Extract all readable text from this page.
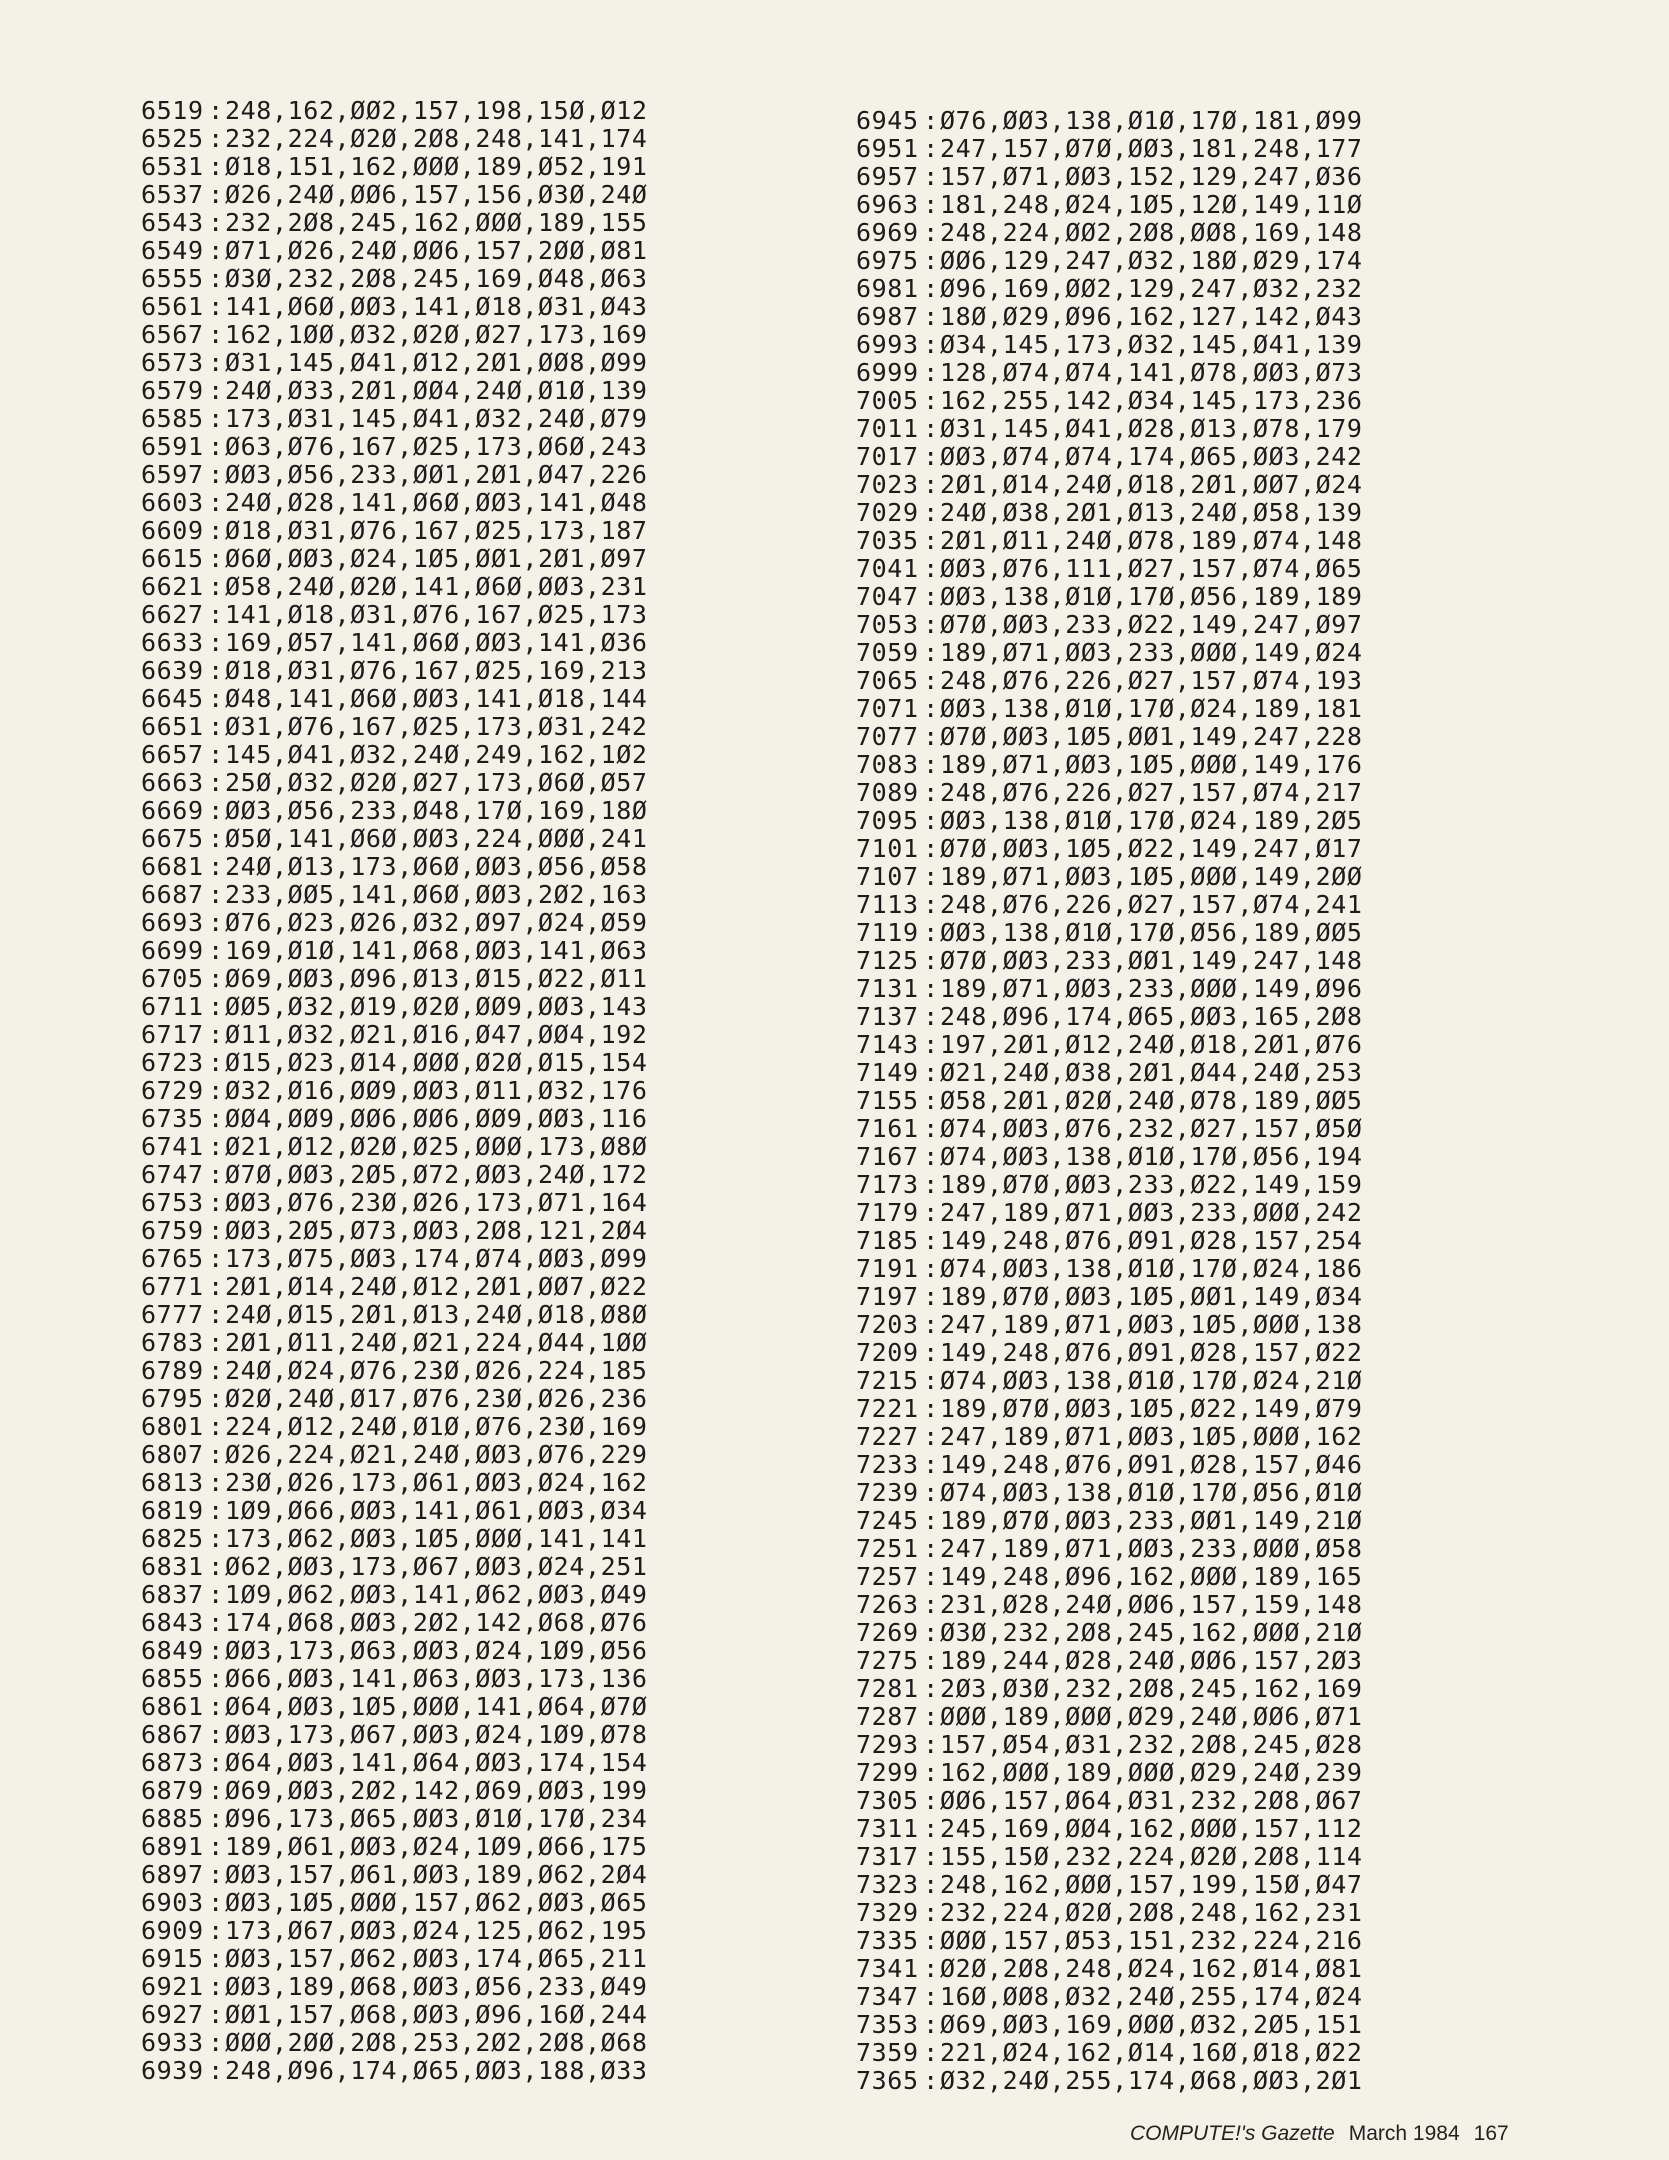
6519 :248,162,ØØ2,157,198,15Ø,Ø12
6525 :232,224,Ø2Ø,2Ø8,248,141,174
6531 :Ø18,151,162,ØØØ,189,Ø52,191
6537 :Ø26,24Ø,ØØ6,157,156,Ø3Ø,24Ø
6543 :232,2Ø8,245,162,ØØØ,189,155
6549 :Ø71,Ø26,24Ø,ØØ6,157,2ØØ,Ø81
6555 :Ø3Ø,232,2Ø8,245,169,Ø48,Ø63
6561 :141,Ø6Ø,ØØ3,141,Ø18,Ø31,Ø43
6567 :162,1ØØ,Ø32,Ø2Ø,Ø27,173,169
6573 :Ø31,145,Ø41,Ø12,2Ø1,ØØ8,Ø99
6579 :24Ø,Ø33,2Ø1,ØØ4,24Ø,Ø1Ø,139
6585 :173,Ø31,145,Ø41,Ø32,24Ø,Ø79
6591 :Ø63,Ø76,167,Ø25,173,Ø6Ø,243
6597 :ØØ3,Ø56,233,ØØ1,2Ø1,Ø47,226
6603 :24Ø,Ø28,141,Ø6Ø,ØØ3,141,Ø48
6609 :Ø18,Ø31,Ø76,167,Ø25,173,187
6615 :Ø6Ø,ØØ3,Ø24,1Ø5,ØØ1,2Ø1,Ø97
6621 :Ø58,24Ø,Ø2Ø,141,Ø6Ø,ØØ3,231
6627 :141,Ø18,Ø31,Ø76,167,Ø25,173
6633 :169,Ø57,141,Ø6Ø,ØØ3,141,Ø36
6639 :Ø18,Ø31,Ø76,167,Ø25,169,213
6645 :Ø48,141,Ø6Ø,ØØ3,141,Ø18,144
6651 :Ø31,Ø76,167,Ø25,173,Ø31,242
6657 :145,Ø41,Ø32,24Ø,249,162,1Ø2
6663 :25Ø,Ø32,Ø2Ø,Ø27,173,Ø6Ø,Ø57
6669 :ØØ3,Ø56,233,Ø48,17Ø,169,18Ø
6675 :Ø5Ø,141,Ø6Ø,ØØ3,224,ØØØ,241
6681 :24Ø,Ø13,173,Ø6Ø,ØØ3,Ø56,Ø58
6687 :233,ØØ5,141,Ø6Ø,ØØ3,2Ø2,163
6693 :Ø76,Ø23,Ø26,Ø32,Ø97,Ø24,Ø59
6699 :169,Ø1Ø,141,Ø68,ØØ3,141,Ø63
6705 :Ø69,ØØ3,Ø96,Ø13,Ø15,Ø22,Ø11
6711 :ØØ5,Ø32,Ø19,Ø2Ø,ØØ9,ØØ3,143
6717 :Ø11,Ø32,Ø21,Ø16,Ø47,ØØ4,192
6723 :Ø15,Ø23,Ø14,ØØØ,Ø2Ø,Ø15,154
6729 :Ø32,Ø16,ØØ9,ØØ3,Ø11,Ø32,176
6735 :ØØ4,ØØ9,ØØ6,ØØ6,ØØ9,ØØ3,116
6741 :Ø21,Ø12,Ø2Ø,Ø25,ØØØ,173,Ø8Ø
6747 :Ø7Ø,ØØ3,2Ø5,Ø72,ØØ3,24Ø,172
6753 :ØØ3,Ø76,23Ø,Ø26,173,Ø71,164
6759 :ØØ3,2Ø5,Ø73,ØØ3,2Ø8,121,2Ø4
6765 :173,Ø75,ØØ3,174,Ø74,ØØ3,Ø99
6771 :2Ø1,Ø14,24Ø,Ø12,2Ø1,ØØ7,Ø22
6777 :24Ø,Ø15,2Ø1,Ø13,24Ø,Ø18,Ø8Ø
6783 :2Ø1,Ø11,24Ø,Ø21,224,Ø44,1ØØ
6789 :24Ø,Ø24,Ø76,23Ø,Ø26,224,185
6795 :Ø2Ø,24Ø,Ø17,Ø76,23Ø,Ø26,236
6801 :224,Ø12,24Ø,Ø1Ø,Ø76,23Ø,169
6807 :Ø26,224,Ø21,24Ø,ØØ3,Ø76,229
6813 :23Ø,Ø26,173,Ø61,ØØ3,Ø24,162
6819 :1Ø9,Ø66,ØØ3,141,Ø61,ØØ3,Ø34
6825 :173,Ø62,ØØ3,1Ø5,ØØØ,141,141
6831 :Ø62,ØØ3,173,Ø67,ØØ3,Ø24,251
6837 :1Ø9,Ø62,ØØ3,141,Ø62,ØØ3,Ø49
6843 :174,Ø68,ØØ3,2Ø2,142,Ø68,Ø76
6849 :ØØ3,173,Ø63,ØØ3,Ø24,1Ø9,Ø56
6855 :Ø66,ØØ3,141,Ø63,ØØ3,173,136
6861 :Ø64,ØØ3,1Ø5,ØØØ,141,Ø64,Ø7Ø
6867 :ØØ3,173,Ø67,ØØ3,Ø24,1Ø9,Ø78
6873 :Ø64,ØØ3,141,Ø64,ØØ3,174,154
6879 :Ø69,ØØ3,2Ø2,142,Ø69,ØØ3,199
6885 :Ø96,173,Ø65,ØØ3,Ø1Ø,17Ø,234
6891 :189,Ø61,ØØ3,Ø24,1Ø9,Ø66,175
6897 :ØØ3,157,Ø61,ØØ3,189,Ø62,2Ø4
6903 :ØØ3,1Ø5,ØØØ,157,Ø62,ØØ3,Ø65
6909 :173,Ø67,ØØ3,Ø24,125,Ø62,195
6915 :ØØ3,157,Ø62,ØØ3,174,Ø65,211
6921 :ØØ3,189,Ø68,ØØ3,Ø56,233,Ø49
6927 :ØØ1,157,Ø68,ØØ3,Ø96,16Ø,244
6933 :ØØØ,2ØØ,2Ø8,253,2Ø2,2Ø8,Ø68
6939 :248,Ø96,174,Ø65,ØØ3,188,Ø33
6945 :Ø76,ØØ3,138,Ø1Ø,17Ø,181,Ø99
6951 :247,157,Ø7Ø,ØØ3,181,248,177
6957 :157,Ø71,ØØ3,152,129,247,Ø36
6963 :181,248,Ø24,1Ø5,12Ø,149,11Ø
6969 :248,224,ØØ2,2Ø8,ØØ8,169,148
6975 :ØØ6,129,247,Ø32,18Ø,Ø29,174
6981 :Ø96,169,ØØ2,129,247,Ø32,232
6987 :18Ø,Ø29,Ø96,162,127,142,Ø43
6993 :Ø34,145,173,Ø32,145,Ø41,139
6999 :128,Ø74,Ø74,141,Ø78,ØØ3,Ø73
7005 :162,255,142,Ø34,145,173,236
7011 :Ø31,145,Ø41,Ø28,Ø13,Ø78,179
7017 :ØØ3,Ø74,Ø74,174,Ø65,ØØ3,242
7023 :2Ø1,Ø14,24Ø,Ø18,2Ø1,ØØ7,Ø24
7029 :24Ø,Ø38,2Ø1,Ø13,24Ø,Ø58,139
7035 :2Ø1,Ø11,24Ø,Ø78,189,Ø74,148
7041 :ØØ3,Ø76,111,Ø27,157,Ø74,Ø65
7047 :ØØ3,138,Ø1Ø,17Ø,Ø56,189,189
7053 :Ø7Ø,ØØ3,233,Ø22,149,247,Ø97
7059 :189,Ø71,ØØ3,233,ØØØ,149,Ø24
7065 :248,Ø76,226,Ø27,157,Ø74,193
7071 :ØØ3,138,Ø1Ø,17Ø,Ø24,189,181
7077 :Ø7Ø,ØØ3,1Ø5,ØØ1,149,247,228
7083 :189,Ø71,ØØ3,1Ø5,ØØØ,149,176
7089 :248,Ø76,226,Ø27,157,Ø74,217
7095 :ØØ3,138,Ø1Ø,17Ø,Ø24,189,2Ø5
7101 :Ø7Ø,ØØ3,1Ø5,Ø22,149,247,Ø17
7107 :189,Ø71,ØØ3,1Ø5,ØØØ,149,2ØØ
7113 :248,Ø76,226,Ø27,157,Ø74,241
7119 :ØØ3,138,Ø1Ø,17Ø,Ø56,189,ØØ5
7125 :Ø7Ø,ØØ3,233,ØØ1,149,247,148
7131 :189,Ø71,ØØ3,233,ØØØ,149,Ø96
7137 :248,Ø96,174,Ø65,ØØ3,165,2Ø8
7143 :197,2Ø1,Ø12,24Ø,Ø18,2Ø1,Ø76
7149 :Ø21,24Ø,Ø38,2Ø1,Ø44,24Ø,253
7155 :Ø58,2Ø1,Ø2Ø,24Ø,Ø78,189,ØØ5
7161 :Ø74,ØØ3,Ø76,232,Ø27,157,Ø5Ø
7167 :Ø74,ØØ3,138,Ø1Ø,17Ø,Ø56,194
7173 :189,Ø7Ø,ØØ3,233,Ø22,149,159
7179 :247,189,Ø71,ØØ3,233,ØØØ,242
7185 :149,248,Ø76,Ø91,Ø28,157,254
7191 :Ø74,ØØ3,138,Ø1Ø,17Ø,Ø24,186
7197 :189,Ø7Ø,ØØ3,1Ø5,ØØ1,149,Ø34
7203 :247,189,Ø71,ØØ3,1Ø5,ØØØ,138
7209 :149,248,Ø76,Ø91,Ø28,157,Ø22
7215 :Ø74,ØØ3,138,Ø1Ø,17Ø,Ø24,21Ø
7221 :189,Ø7Ø,ØØ3,1Ø5,Ø22,149,Ø79
7227 :247,189,Ø71,ØØ3,1Ø5,ØØØ,162
7233 :149,248,Ø76,Ø91,Ø28,157,Ø46
7239 :Ø74,ØØ3,138,Ø1Ø,17Ø,Ø56,Ø1Ø
7245 :189,Ø7Ø,ØØ3,233,ØØ1,149,21Ø
7251 :247,189,Ø71,ØØ3,233,ØØØ,Ø58
7257 :149,248,Ø96,162,ØØØ,189,165
7263 :231,Ø28,24Ø,ØØ6,157,159,148
7269 :Ø3Ø,232,2Ø8,245,162,ØØØ,21Ø
7275 :189,244,Ø28,24Ø,ØØ6,157,2Ø3
7281 :2Ø3,Ø3Ø,232,2Ø8,245,162,169
7287 :ØØØ,189,ØØØ,Ø29,24Ø,ØØ6,Ø71
7293 :157,Ø54,Ø31,232,2Ø8,245,Ø28
7299 :162,ØØØ,189,ØØØ,Ø29,24Ø,239
7305 :ØØ6,157,Ø64,Ø31,232,2Ø8,Ø67
7311 :245,169,ØØ4,162,ØØØ,157,112
7317 :155,15Ø,232,224,Ø2Ø,2Ø8,114
7323 :248,162,ØØØ,157,199,15Ø,Ø47
7329 :232,224,Ø2Ø,2Ø8,248,162,231
7335 :ØØØ,157,Ø53,151,232,224,216
7341 :Ø2Ø,2Ø8,248,Ø24,162,Ø14,Ø81
7347 :16Ø,ØØ8,Ø32,24Ø,255,174,Ø24
7353 :Ø69,ØØ3,169,ØØØ,Ø32,2Ø5,151
7359 :221,Ø24,162,Ø14,16Ø,Ø18,Ø22
7365 :Ø32,24Ø,255,174,Ø68,ØØ3,2Ø1
COMPUTE!'s Gazette March 1984 167
